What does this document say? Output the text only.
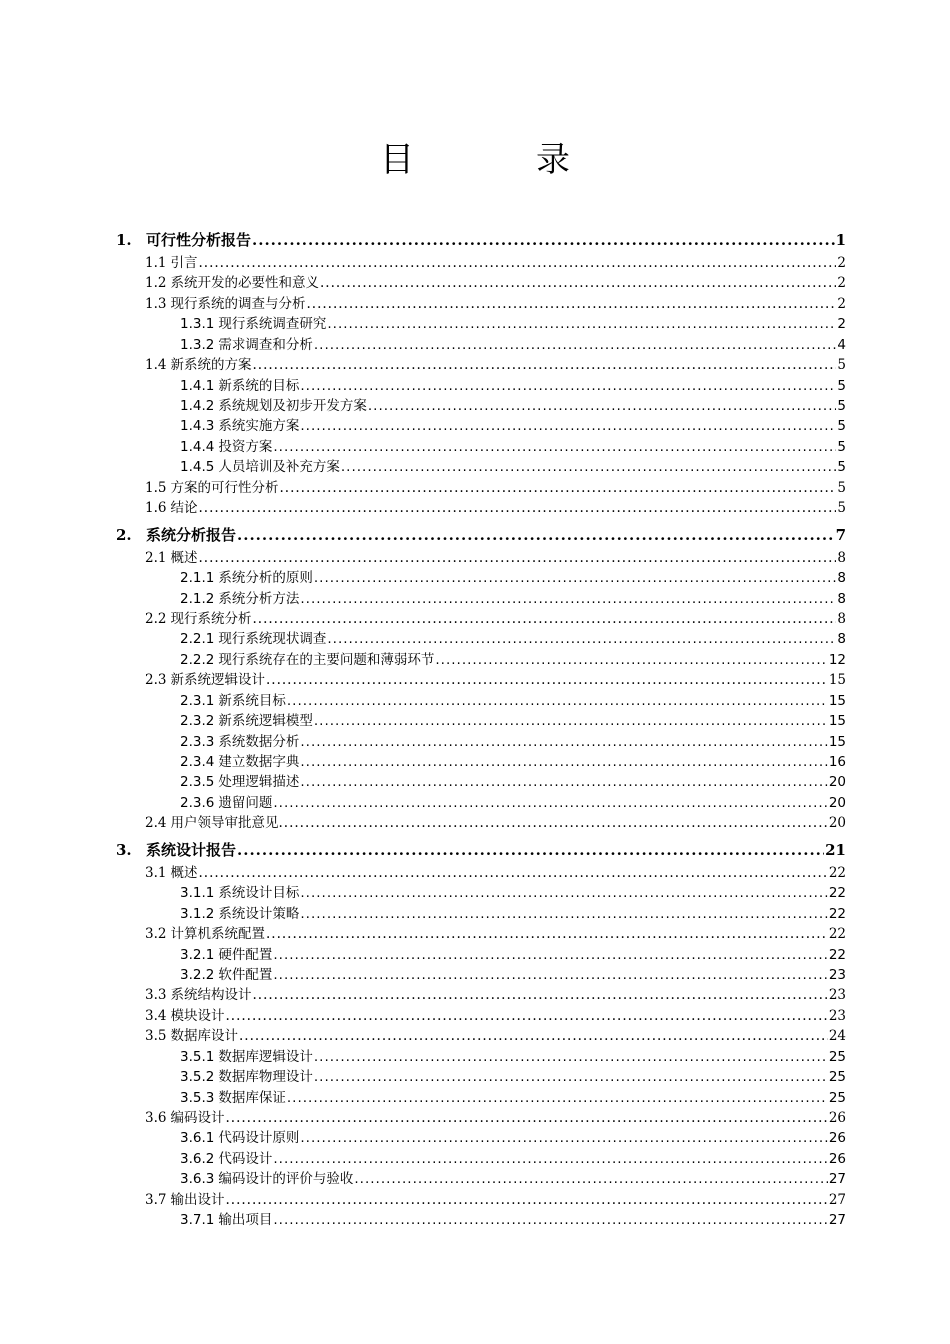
目　录
1. 可行性分析报告 .....	1
1.1 引言 .....	2
1.2 系统开发的必要性和意义 .....	2
1.3 现行系统的调查与分析 .....	2
1.3.1 现行系统调查研究 .....	2
1.3.2 需求调查和分析 .....	4
1.4 新系统的方案 .....	5
1.4.1 新系统的目标 .....	5
1.4.2 系统规划及初步开发方案 .....	5
1.4.3 系统实施方案 .....	5
1.4.4 投资方案 .....	5
1.4.5 人员培训及补充方案 .....	5
1.5 方案的可行性分析 .....	5
1.6 结论 .....	5
2. 系统分析报告 .....	7
2.1 概述 .....	8
2.1.1 系统分析的原则 .....	8
2.1.2 系统分析方法 .....	8
2.2 现行系统分析 .....	8
2.2.1 现行系统现状调查 .....	8
2.2.2 现行系统存在的主要问题和薄弱环节 .....	12
2.3 新系统逻辑设计 .....	15
2.3.1 新系统目标 .....	15
2.3.2 新系统逻辑模型 .....	15
2.3.3 系统数据分析 .....	15
2.3.4 建立数据字典 .....	16
2.3.5 处理逻辑描述 .....	20
2.3.6 遗留问题 .....	20
2.4 用户领导审批意见. .....	20
3. 系统设计报告 .....	21
3.1 概述 .....	22
3.1.1 系统设计目标 .....	22
3.1.2 系统设计策略 .....	22
3.2 计算机系统配置 .....	22
3.2.1 硬件配置 .....	22
3.2.2 软件配置 .....	23
3.3 系统结构设计 .....	23
3.4 模块设计 .....	23
3.5 数据库设计 .....	24
3.5.1 数据库逻辑设计 .....	25
3.5.2 数据库物理设计 .....	25
3.5.3 数据库保证 .....	25
3.6 编码设计 .....	26
3.6.1 代码设计原则 .....	26
3.6.2 代码设计 .....	26
3.6.3 编码设计的评价与验收 .....	27
3.7 输出设计 .....	27
3.7.1 输出项目 .....	27
